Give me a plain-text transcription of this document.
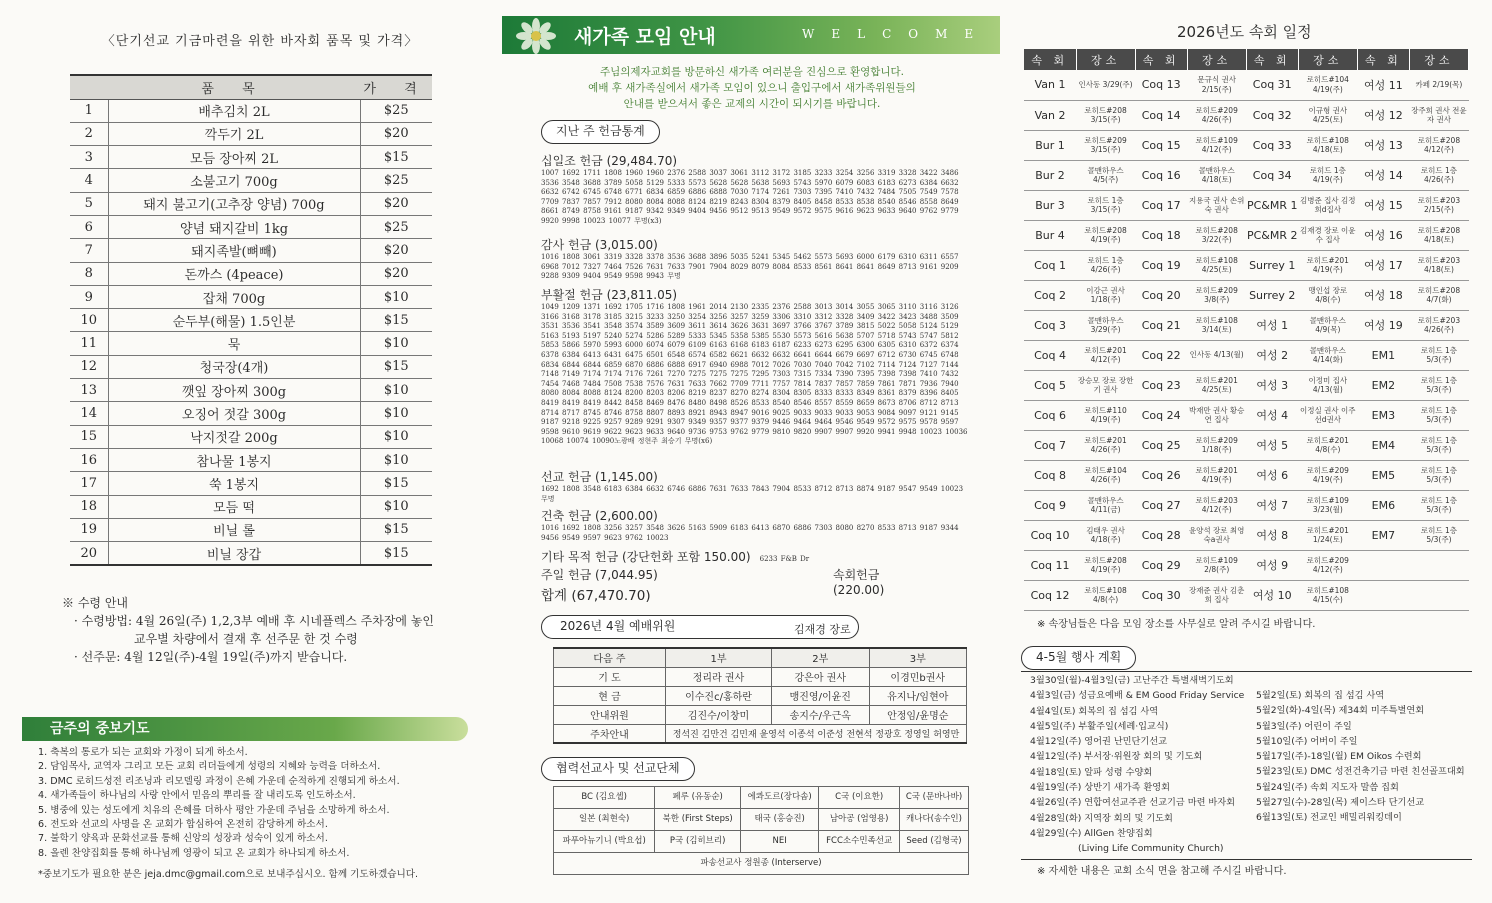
〈단기선교 기금마련을 위한 바자회 품목 및 가격〉
	품 목	가 격
1	배추김치 2L	$25
2	깍두기 2L	$20
3	모듬 장아찌 2L	$15
4	소불고기 700g	$25
5	돼지 불고기(고추장 양념) 700g	$20
6	양념 돼지갈비 1kg	$25
7	돼지족발(뼈빼)	$20
8	돈까스 (4peace)	$20
9	잡채 700g	$10
10	순두부(해물) 1.5인분	$15
11	묵	$10
12	청국장(4개)	$15
13	깻잎 장아찌 300g	$10
14	오징어 젓갈 300g	$10
15	낙지젓갈 200g	$10
16	참나물 1봉지	$10
17	쑥 1봉지	$15
18	모듬 떡	$10
19	비닐 롤	$15
20	비닐 장갑	$15
※ 수령 안내
· 수령방법: 4월 26일(주) 1,2,3부 예배 후 시네플렉스 주차장에 놓인
교우별 차량에서 결재 후 선주문 한 것 수령
· 선주문: 4월 12일(주)-4월 19일(주)까지 받습니다.
금주의 중보기도
1. 축복의 통로가 되는 교회와 가정이 되게 하소서.
2. 담임목사, 교역자 그리고 모든 교회 리더들에게 성령의 지혜와 능력을 더하소서.
3. DMC 로히드성전 리조닝과 리모델링 과정이 은혜 가운데 순적하게 진행되게 하소서.
4. 새가족들이 하나님의 사랑 안에서 믿음의 뿌리를 잘 내리도록 인도하소서.
5. 병중에 있는 성도에게 치유의 은혜를 더하사 평안 가운데 주님을 소망하게 하소서.
6. 전도와 선교의 사명을 온 교회가 합심하여 온전히 감당하게 하소서.
7. 불학기 양육과 문화선교를 통해 신앙의 성장과 성숙이 있게 하소서.
8. 올렌 찬양집회를 통해 하나님께 영광이 되고 온 교회가 하나되게 하소서.
*중보기도가 필요한 분은 jeja.dmc@gmail.com으로 보내주십시오. 함께 기도하겠습니다.
새가족 모임 안내	WELCOME
주님의제자교회를 방문하신 새가족 여러분을 진심으로 환영합니다.
예배 후 새가족실에서 새가족 모임이 있으니 출입구에서 새가족위원들의
안내를 받으셔서 좋은 교제의 시간이 되시기를 바랍니다.
지난 주 헌금통계
십일조 헌금 (29,484.70)
1007 1692 1711 1808 1960 1960 2376 2588 3037 3061 3112 3172 3185 3233 3254 3256 3319 3328 3422 3486 3536 3548 3688 3789 5058 5129 5333 5573 5628 5628 5638 5693 5743 5970 6079 6083 6183 6273 6384 6632 6632 6742 6745 6748 6771 6834 6859 6886 6888 7030 7174 7261 7303 7395 7410 7432 7484 7505 7549 7578 7709 7837 7857 7912 8080 8084 8088 8124 8219 8243 8304 8379 8405 8458 8533 8538 8540 8546 8558 8649 8661 8749 8758 9161 9187 9342 9349 9404 9456 9512 9513 9549 9572 9575 9616 9623 9633 9640 9762 9779 9920 9998 10023 10077 무명(x3)
감사 헌금 (3,015.00)
1016 1808 3061 3319 3328 3378 3536 3688 3896 5035 5241 5345 5462 5573 5693 6000 6179 6310 6311 6557 6968 7012 7327 7464 7526 7631 7633 7901 7904 8029 8079 8084 8533 8561 8641 8641 8649 8713 9161 9209 9288 9309 9404 9549 9598 9943 무명
부활절 헌금 (23,811.05)
1049 1209 1371 1692 1705 1716 1808 1961 2014 2130 2335 2376 2588 3013 3014 3055 3065 3110 3116 3126 3166 3168 3178 3185 3215 3233 3250 3254 3256 3257 3259 3306 3310 3312 3328 3409 3422 3423 3488 3509 3531 3536 3541 3548 3574 3589 3609 3611 3614 3626 3631 3697 3766 3767 3789 3815 5022 5058 5124 5129 5163 5193 5197 5240 5274 5286 5289 5333 5345 5358 5385 5530 5573 5616 5638 5707 5718 5743 5747 5812 5853 5866 5970 5993 6000 6074 6079 6109 6163 6168 6183 6187 6233 6273 6295 6300 6305 6310 6372 6374 6378 6384 6413 6431 6475 6501 6548 6574 6582 6621 6632 6632 6641 6644 6679 6697 6712 6730 6745 6748 6834 6844 6844 6859 6870 6886 6888 6917 6940 6988 7012 7026 7030 7040 7042 7102 7114 7124 7127 7144 7148 7149 7174 7174 7176 7261 7270 7275 7275 7275 7295 7303 7315 7334 7390 7395 7398 7398 7410 7432 7454 7468 7484 7508 7538 7576 7631 7633 7662 7709 7711 7757 7814 7837 7857 7859 7861 7871 7936 7940 8080 8084 8088 8124 8200 8203 8206 8219 8237 8270 8274 8304 8305 8333 8333 8349 8361 8379 8396 8405 8419 8419 8419 8442 8458 8469 8476 8480 8498 8526 8533 8540 8546 8557 8559 8659 8673 8706 8712 8713 8714 8717 8745 8746 8758 8807 8893 8921 8943 8947 9016 9025 9033 9033 9033 9053 9084 9097 9121 9145 9187 9218 9225 9257 9289 9291 9307 9349 9357 9377 9379 9446 9464 9464 9546 9549 9572 9575 9578 9597 9598 9610 9619 9622 9623 9633 9640 9736 9753 9762 9779 9810 9820 9907 9907 9920 9941 9948 10023 10036 10068 10074 10090노광배 정현주 최승기 무명(x6)
선교 헌금 (1,145.00)
1692 1808 3548 6183 6384 6632 6746 6886 7631 7633 7843 7904 8533 8712 8713 8874 9187 9547 9549 10023 무명
건축 헌금 (2,600.00)
1016 1692 1808 3256 3257 3548 3626 5163 5909 6183 6413 6870 6886 7303 8080 8270 8533 8713 9187 9344 9456 9549 9597 9623 9762 10023
기타 목적 헌금 (강단헌화 포함 150.00) 6233 F&B Dr
주일 헌금 (7,044.95)	속회헌금 (220.00)
합계 (67,470.70)
2026년 4월 예배위원	김재경 장로
다음 주	1부	2부	3부
기 도	정리라 권사	강은아 권사	이경민b권사
현 금	이수진c/홍하란	맹진영/이윤진	유지나/임현아
안내위원	김진수/이창미	송지수/우근옥	안정임/윤명순
주차안내	정석진 김만건 김민재 윤영석 이종석 이준성 전현석 정광호 정영일 허영만		
협력선교사 및 선교단체
BC (김요셉)	페루 (유동순)	에콰도르(장다솜)	C국 (이요한)	C국 (문바나바)
일본 (최현숙)	북한 (First Steps)	태국 (홍승진)	남아공 (엄영용)	캐나다(송수인)
파푸아뉴기니 (박요섭)	P국 (김히브리)	NEI	FCC소수민족선교	Seed (김형국)
파송선교사 정원종 (Interserve)				
2026년도 속회 일정
속 회	장소	속 회	장소	속 회	장소	속 회	장소
Van 1	인사동 3/29(주)	Coq 13	문규식 권사 2/15(주)	Coq 31	로히드#104 4/19(주)	여성 11	카페 2/19(목)
Van 2	로히드#208 3/15(주)	Coq 14	로히드#209 4/26(주)	Coq 32	이규형 권사 4/25(토)	여성 12	장주희 권사 전윤자 권사
Bur 1	로히드#209 3/15(주)	Coq 15	로히드#109 4/12(주)	Coq 33	로히드#108 4/18(토)	여성 13	로히드#208 4/12(주)
Bur 2	콜맨하우스 4/5(주)	Coq 16	콜맨하우스 4/18(토)	Coq 34	로히드 1층 4/19(주)	여성 14	로히드 1층 4/26(주)
Bur 3	로히드 1층 3/15(주)	Coq 17	지용국 권사 손위숙 권사	PC&MR 1	김병준 집사 김정희d집사	여성 15	로히드#203 2/15(주)
Bur 4	로히드#208 4/19(주)	Coq 18	로히드#208 3/22(주)	PC&MR 2	김재경 장로 이윤수 집사	여성 16	로히드#208 4/18(토)
Coq 1	로히드 1층 4/26(주)	Coq 19	로히드#108 4/25(토)	Surrey 1	로히드#201 4/19(주)	여성 17	로히드#203 4/18(토)
Coq 2	이강근 권사 1/18(주)	Coq 20	로히드#209 3/8(주)	Surrey 2	맹인섭 장로 4/8(수)	여성 18	로히드#208 4/7(화)
Coq 3	콜맨하우스 3/29(주)	Coq 21	로히드#108 3/14(토)	여성 1	콜맨하우스 4/9(목)	여성 19	로히드#203 4/26(주)
Coq 4	로히드#201 4/12(주)	Coq 22	인사동 4/13(월)	여성 2	콜맨하우스 4/14(화)	EM1	로히드 1층 5/3(주)
Coq 5	장승모 장로 장한기 권사	Coq 23	로히드#201 4/25(토)	여성 3	이정미 집사 4/13(월)	EM2	로히드 1층 5/3(주)
Coq 6	로히드#110 4/19(주)	Coq 24	박재만 권사 황승연 집사	여성 4	이정실 권사 이주선d권사	EM3	로히드 1층 5/3(주)
Coq 7	로히드#201 4/26(주)	Coq 25	로히드#209 1/18(주)	여성 5	로히드#201 4/8(수)	EM4	로히드 1층 5/3(주)
Coq 8	로히드#104 4/26(주)	Coq 26	로히드#201 4/19(주)	여성 6	로히드#209 4/19(주)	EM5	로히드 1층 5/3(주)
Coq 9	콜맨하우스 4/11(금)	Coq 27	로히드#203 4/12(주)	여성 7	로히드#109 3/23(월)	EM6	로히드 1층 5/3(주)
Coq 10	김태우 권사 4/18(주)	Coq 28	윤양석 장로 최영숙a권사	여성 8	로히드#201 1/24(토)	EM7	로히드 1층 5/3(주)
Coq 11	로히드#208 4/19(주)	Coq 29	로히드#109 2/8(주)	여성 9	로히드#209 4/12(주)		
Coq 12	로히드#108 4/8(수)	Coq 30	장재준 권사 김춘희 집사	여성 10	로히드#108 4/15(수)		
※ 속장님들은 다음 모임 장소를 사무실로 알려 주시길 바랍니다.
4-5월 행사 계획
3월30일(월)-4월3일(금) 고난주간 특별새벽기도회
4월3일(금) 성금요예배 & EM Good Friday Service
4월4일(토) 회복의 집 섬김 사역
4월5일(주) 부활주일(세례·입교식)
4월12일(주) 영어권 난민단기선교
4월12일(주) 부서장·위원장 회의 및 기도회
4월18일(토) 알파 성령 수양회
4월19일(주) 상반기 새가족 환영회
4월26일(주) 연합여선교주관 선교기금 마련 바자회
4월28일(화) 지역장 회의 및 기도회
4월29일(수) AllGen 찬양집회
(Living Life Community Church)
5월2일(토) 회복의 집 섬김 사역
5월2일(화)-4일(목) 제34회 미주특별연회
5월3일(주) 어린이 주일
5월10일(주) 어버이 주일
5월17일(주)-18일(월) EM Oikos 수련회
5월23일(토) DMC 성전건축기금 마련 친선골프대회
5월24일(주) 속회 지도자 말씀 집회
5월27일(수)-28일(목) 제이스타 단기선교
6월13일(토) 전교인 배밀리워킹데이
※ 자세한 내용은 교회 소식 면을 참고해 주시길 바랍니다.
